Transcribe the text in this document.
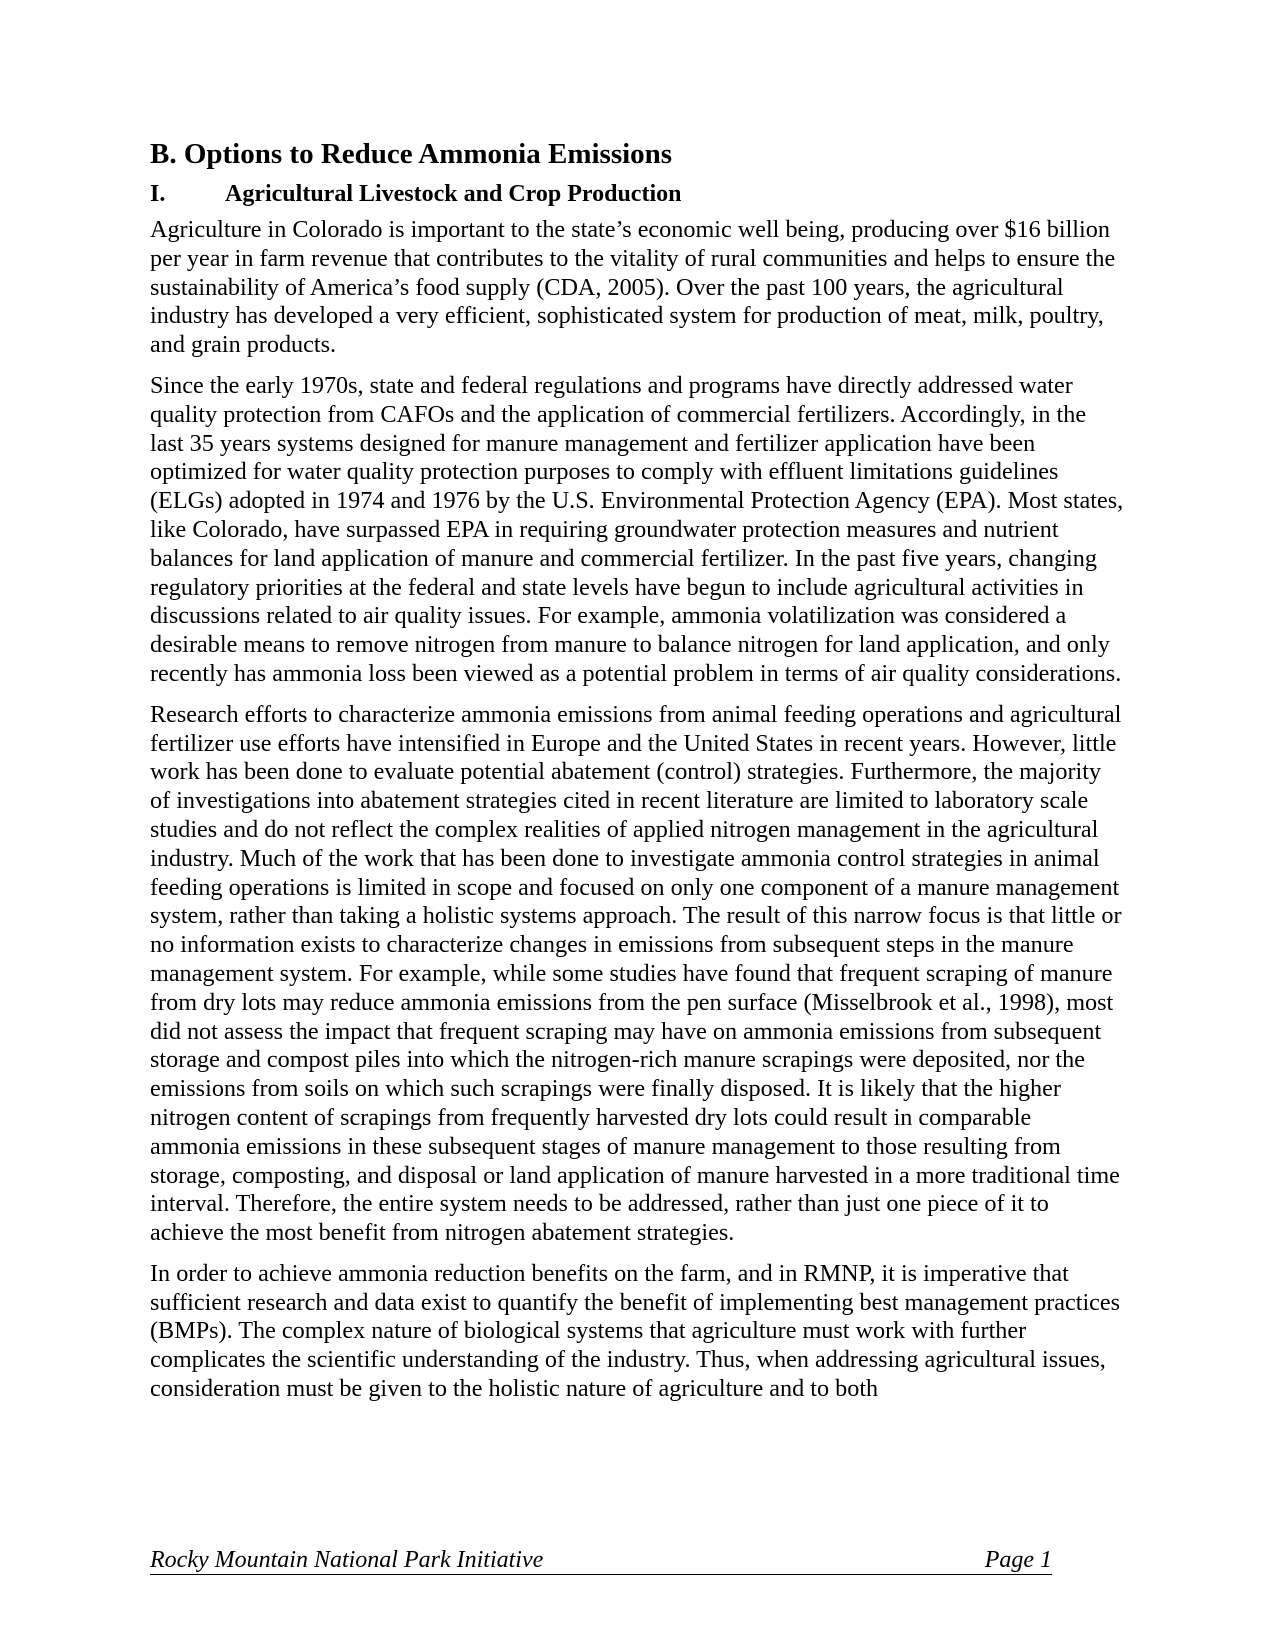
B. Options to Reduce Ammonia Emissions
I. Agricultural Livestock and Crop Production

Agriculture in Colorado is important to the state’s economic well being, producing over $16 billion per year in farm revenue that contributes to the vitality of rural communities and helps to ensure the sustainability of America’s food supply (CDA, 2005). Over the past 100 years, the agricultural industry has developed a very efficient, sophisticated system for production of meat, milk, poultry, and grain products.

Since the early 1970s, state and federal regulations and programs have directly addressed water quality protection from CAFOs and the application of commercial fertilizers. Accordingly, in the last 35 years systems designed for manure management and fertilizer application have been optimized for water quality protection purposes to comply with effluent limitations guidelines (ELGs) adopted in 1974 and 1976 by the U.S. Environmental Protection Agency (EPA). Most states, like Colorado, have surpassed EPA in requiring groundwater protection measures and nutrient balances for land application of manure and commercial fertilizer. In the past five years, changing regulatory priorities at the federal and state levels have begun to include agricultural activities in discussions related to air quality issues. For example, ammonia volatilization was considered a desirable means to remove nitrogen from manure to balance nitrogen for land application, and only recently has ammonia loss been viewed as a potential problem in terms of air quality considerations.

Research efforts to characterize ammonia emissions from animal feeding operations and agricultural fertilizer use efforts have intensified in Europe and the United States in recent years. However, little work has been done to evaluate potential abatement (control) strategies. Furthermore, the majority of investigations into abatement strategies cited in recent literature are limited to laboratory scale studies and do not reflect the complex realities of applied nitrogen management in the agricultural industry. Much of the work that has been done to investigate ammonia control strategies in animal feeding operations is limited in scope and focused on only one component of a manure management system, rather than taking a holistic systems approach. The result of this narrow focus is that little or no information exists to characterize changes in emissions from subsequent steps in the manure management system. For example, while some studies have found that frequent scraping of manure from dry lots may reduce ammonia emissions from the pen surface (Misselbrook et al., 1998), most did not assess the impact that frequent scraping may have on ammonia emissions from subsequent storage and compost piles into which the nitrogen-rich manure scrapings were deposited, nor the emissions from soils on which such scrapings were finally disposed. It is likely that the higher nitrogen content of scrapings from frequently harvested dry lots could result in comparable ammonia emissions in these subsequent stages of manure management to those resulting from storage, composting, and disposal or land application of manure harvested in a more traditional time interval. Therefore, the entire system needs to be addressed, rather than just one piece of it to achieve the most benefit from nitrogen abatement strategies.

In order to achieve ammonia reduction benefits on the farm, and in RMNP, it is imperative that sufficient research and data exist to quantify the benefit of implementing best management practices (BMPs). The complex nature of biological systems that agriculture must work with further complicates the scientific understanding of the industry. Thus, when addressing agricultural issues, consideration must be given to the holistic nature of agriculture and to both

Rocky Mountain National Park Initiative	Page 1
